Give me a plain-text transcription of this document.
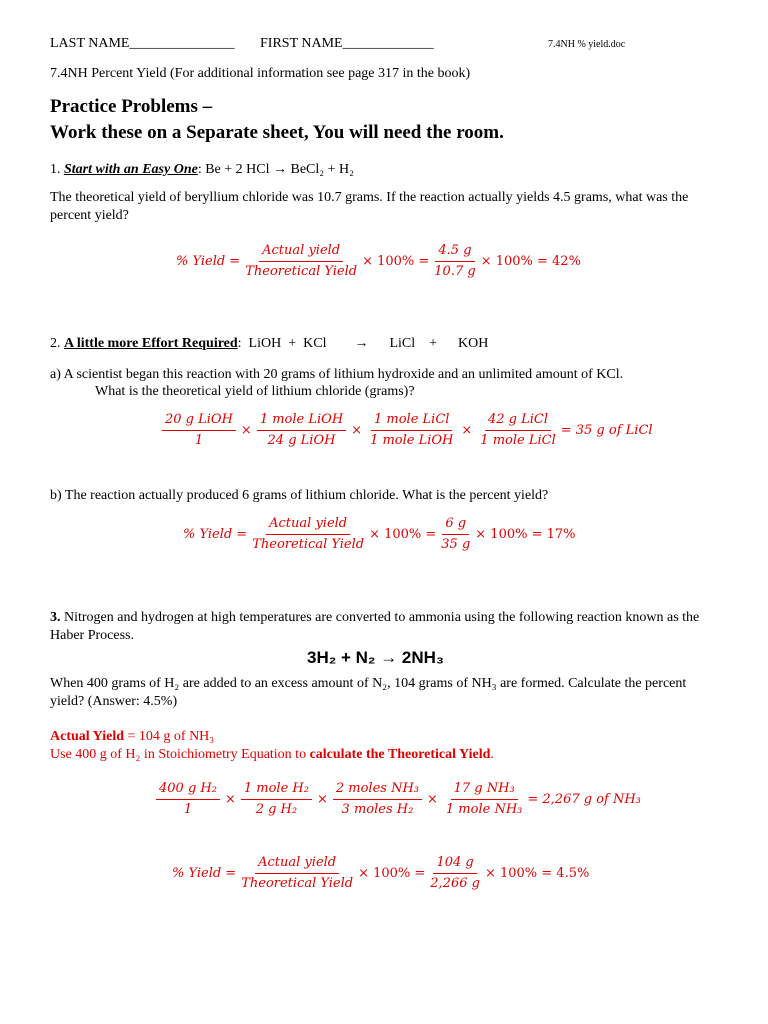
LAST NAME_______________ FIRST NAME_____________	7.4NH % yield.doc
7.4NH Percent Yield (For additional information see page 317 in the book)
Practice Problems –
Work these on a Separate sheet, You will need the room.
1. Start with an Easy One: Be + 2 HCl → BeCl₂ + H₂
The theoretical yield of beryllium chloride was 10.7 grams. If the reaction actually yields 4.5 grams, what was the percent yield?
% Yield = $\frac{\text{Actual yield}}{\text{Theoretical Yield}} \times 100\% = \frac{4.5 g}{10.7 g} \times 100\% = 42\%$
2. A little more Effort Required:  LiOH  +  KCl        →      LiCl    +      KOH
a) A scientist began this reaction with 20 grams of lithium hydroxide and an unlimited amount of KCl.
What is the theoretical yield of lithium chloride (grams)?
$\frac{\text{20 g LiOH}}{1} \times \frac{\text{1 mole LiOH}}{\text{24 g LiOH}} \times \frac{\text{1 mole LiCl}}{\text{1 mole LiOH}} \times \frac{\text{42 g LiCl}}{\text{1 mole LiCl}} = 35$ g of LiCl
b) The reaction actually produced 6 grams of lithium chloride. What is the percent yield?
% Yield = $\frac{\text{Actual yield}}{\text{Theoretical Yield}} \times 100\% = \frac{6 g}{35 g} \times 100\% = 17\%$
3. Nitrogen and hydrogen at high temperatures are converted to ammonia using the following reaction known as the Haber Process.
3H₂ + N₂ → 2NH₃
When 400 grams of H₂ are added to an excess amount of N₂, 104 grams of NH₃ are formed. Calculate the percent yield? (Answer: 4.5%)
Actual Yield = 104 g of NH₃
Use 400 g of H₂ in Stoichiometry Equation to calculate the Theoretical Yield.
$\frac{\text{400 g H₂}}{1} \times \frac{\text{1 mole H₂}}{\text{2 g H₂}} \times \frac{\text{2 moles NH₃}}{\text{3 moles H₂}} \times \frac{\text{17 g NH₃}}{\text{1 mole NH₃}} = 2,267$ g of NH₃
% Yield = $\frac{\text{Actual yield}}{\text{Theoretical Yield}} \times 100\% = \frac{104 g}{2,266 g} \times 100\% = 4.5\%$
